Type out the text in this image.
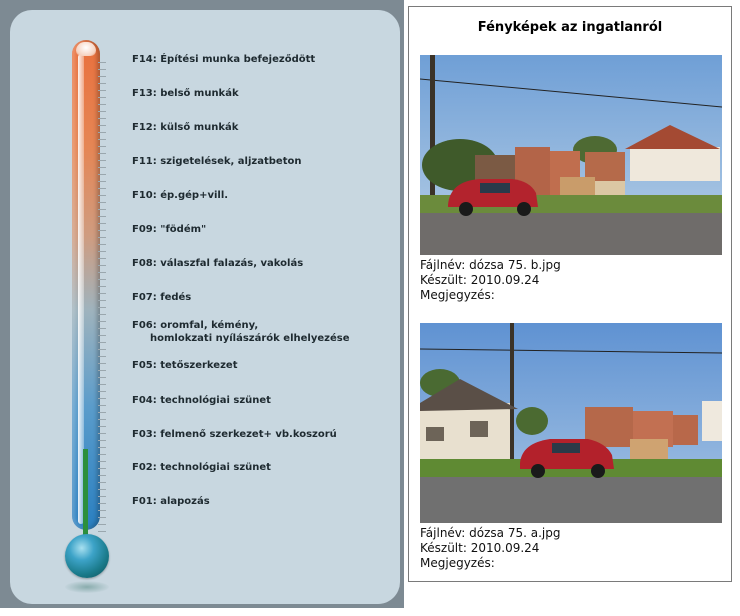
F14: Építési munka befejeződött
F13: belső munkák
F12: külső munkák
F11: szigetelések, aljzatbeton
F10: ép.gép+vill.
F09: "födém"
F08: válaszfal falazás, vakolás
F07: fedés
F06: oromfal, kémény,
homlokzati nyílászárók elhelyezése
F05: tetőszerkezet
F04: technológiai szünet
F03: felmenő szerkezet+ vb.koszorú
F02: technológiai szünet
F01: alapozás
Fényképek az ingatlanról
Fájlnév: dózsa 75. b.jpg
Készült: 2010.09.24
Megjegyzés:
Fájlnév: dózsa 75. a.jpg
Készült: 2010.09.24
Megjegyzés:
